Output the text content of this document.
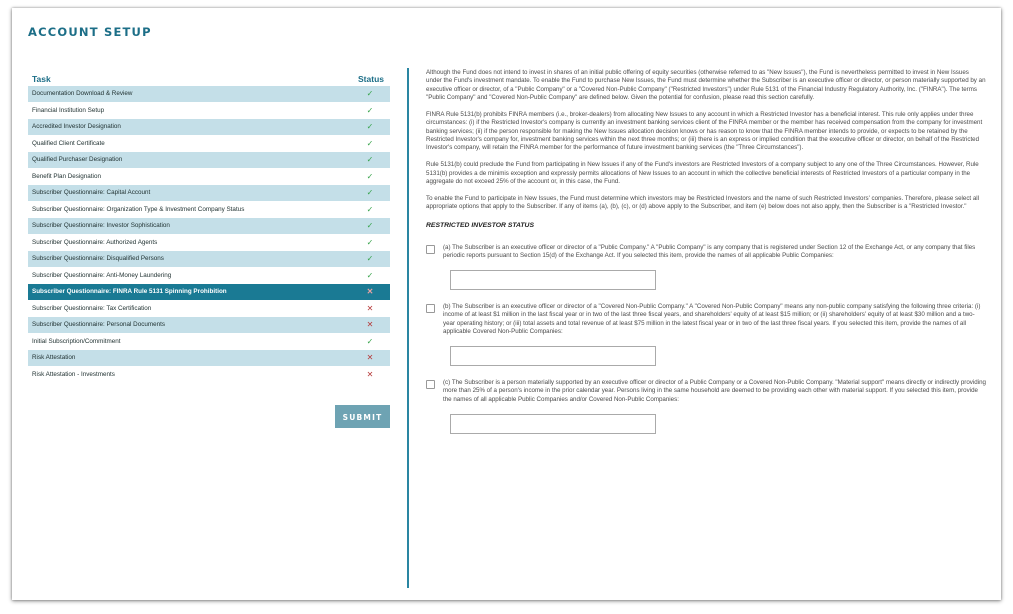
ACCOUNT SETUP
Task	Status
Documentation Download & Review	✓
Financial Institution Setup	✓
Accredited Investor Designation	✓
Qualified Client Certificate	✓
Qualified Purchaser Designation	✓
Benefit Plan Designation	✓
Subscriber Questionnaire: Capital Account	✓
Subscriber Questionnaire: Organization Type & Investment Company Status	✓
Subscriber Questionnaire: Investor Sophistication	✓
Subscriber Questionnaire: Authorized Agents	✓
Subscriber Questionnaire: Disqualified Persons	✓
Subscriber Questionnaire: Anti-Money Laundering	✓
Subscriber Questionnaire: FINRA Rule 5131 Spinning Prohibition	✕
Subscriber Questionnaire: Tax Certification	✕
Subscriber Questionnaire: Personal Documents	✕
Initial Subscription/Commitment	✓
Risk Attestation	✕
Risk Attestation - Investments	✕
SUBMIT

Although the Fund does not intend to invest in shares of an initial public offering of equity securities (otherwise referred to as "New Issues"), the Fund is nevertheless permitted to invest in New Issues under the Fund's investment mandate. To enable the Fund to purchase New Issues, the Fund must determine whether the Subscriber is an executive officer or director, or person materially supported by an executive officer or director, of a "Public Company" or a "Covered Non-Public Company" ("Restricted Investors") under Rule 5131 of the Financial Industry Regulatory Authority, Inc. ("FINRA"). The terms "Public Company" and "Covered Non-Public Company" are defined below. Given the potential for confusion, please read this section carefully.

FINRA Rule 5131(b) prohibits FINRA members (i.e., broker-dealers) from allocating New Issues to any account in which a Restricted Investor has a beneficial interest. This rule only applies under three circumstances: (i) if the Restricted Investor's company is currently an investment banking services client of the FINRA member or the member has received compensation from the company for investment banking services; (ii) if the person responsible for making the New Issues allocation decision knows or has reason to know that the FINRA member intends to provide, or expects to be retained by the Restricted Investor's company for, investment banking services within the next three months; or (iii) there is an express or implied condition that the executive officer or director, on behalf of the Restricted Investor's company, will retain the FINRA member for the performance of future investment banking services (the "Three Circumstances").

Rule 5131(b) could preclude the Fund from participating in New Issues if any of the Fund's investors are Restricted Investors of a company subject to any one of the Three Circumstances. However, Rule 5131(b) provides a de minimis exception and expressly permits allocations of New Issues to an account in which the collective beneficial interests of Restricted Investors of a particular company in the aggregate do not exceed 25% of the account or, in this case, the Fund.

To enable the Fund to participate in New Issues, the Fund must determine which investors may be Restricted Investors and the name of such Restricted Investors' companies. Therefore, please select all appropriate options that apply to the Subscriber. If any of items (a), (b), (c), or (d) above apply to the Subscriber, and item (e) below does not also apply, then the Subscriber is a "Restricted Investor."

RESTRICTED INVESTOR STATUS
(a) The Subscriber is an executive officer or director of a "Public Company." A "Public Company" is any company that is registered under Section 12 of the Exchange Act, or any company that files periodic reports pursuant to Section 15(d) of the Exchange Act. If you selected this item, provide the names of all applicable Public Companies:
(b) The Subscriber is an executive officer or director of a "Covered Non-Public Company." A "Covered Non-Public Company" means any non-public company satisfying the following three criteria: (i) income of at least $1 million in the last fiscal year or in two of the last three fiscal years, and shareholders' equity of at least $15 million; or (ii) shareholders' equity of at least $30 million and a two-year operating history; or (iii) total assets and total revenue of at least $75 million in the latest fiscal year or in two of the last three fiscal years. If you selected this item, provide the names of all applicable Covered Non-Public Companies:
(c) The Subscriber is a person materially supported by an executive officer or director of a Public Company or a Covered Non-Public Company. "Material support" means directly or indirectly providing more than 25% of a person's income in the prior calendar year. Persons living in the same household are deemed to be providing each other with material support. If you selected this item, provide the names of all applicable Public Companies and/or Covered Non-Public Companies:
